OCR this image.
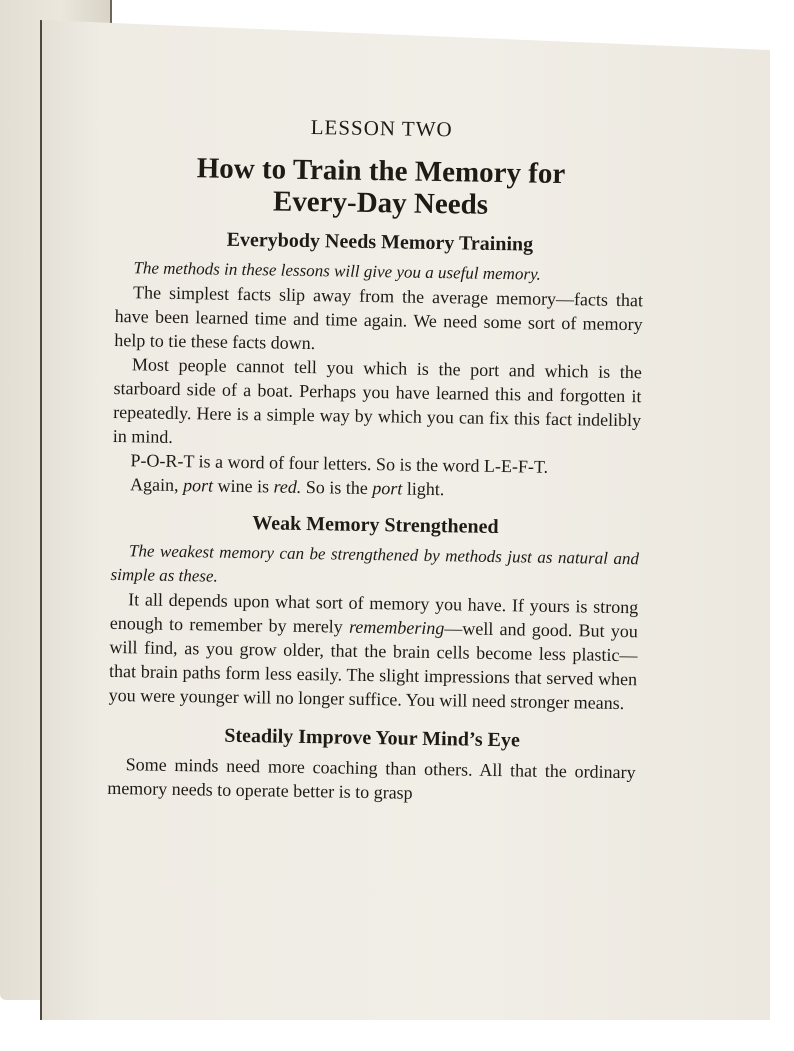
LESSON TWO
How to Train the Memory for
Every-Day Needs
Everybody Needs Memory Training

The methods in these lessons will give you a useful memory.

The simplest facts slip away from the average memory—facts that have been learned time and time again. We need some sort of memory help to tie these facts down.

Most people cannot tell you which is the port and which is the starboard side of a boat. Perhaps you have learned this and forgotten it repeatedly. Here is a simple way by which you can fix this fact indelibly in mind.

P-O-R-T is a word of four letters. So is the word L-E-F-T.

Again, port wine is red. So is the port light.

Weak Memory Strengthened

The weakest memory can be strengthened by methods just as natural and simple as these.

It all depends upon what sort of memory you have. If yours is strong enough to remember by merely remembering—well and good. But you will find, as you grow older, that the brain cells become less plastic—that brain paths form less easily. The slight impressions that served when you were younger will no longer suffice. You will need stronger means.

Steadily Improve Your Mind’s Eye

Some minds need more coaching than others. All that the ordinary memory needs to operate better is to grasp
